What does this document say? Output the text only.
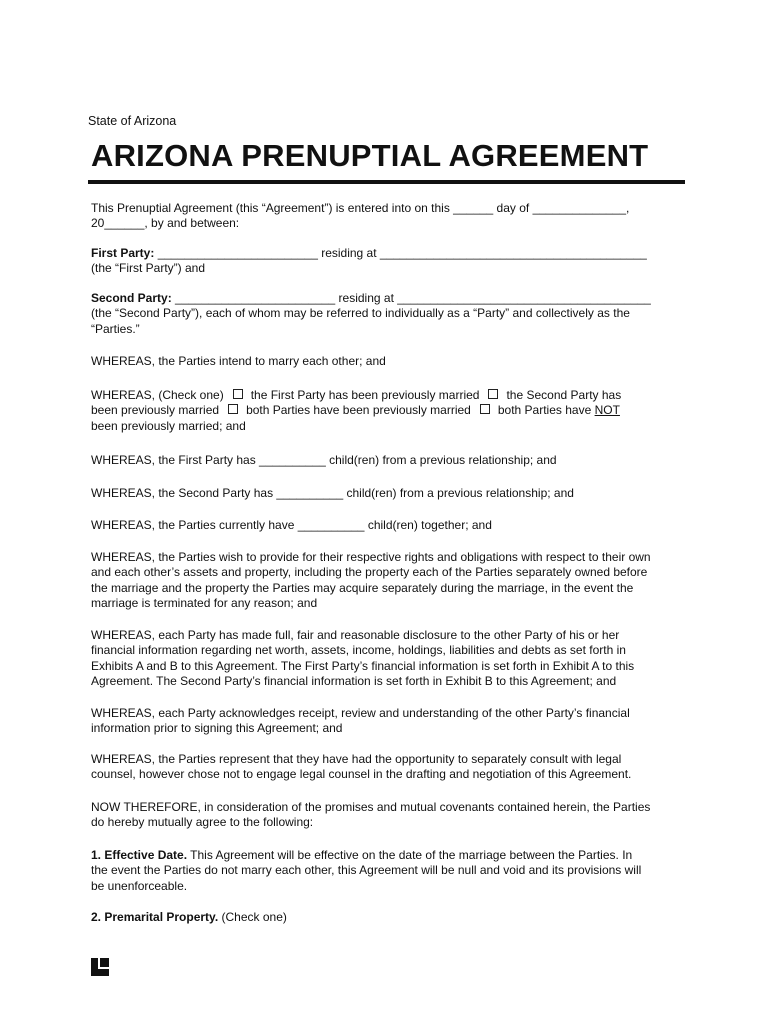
State of Arizona
ARIZONA PRENUPTIAL AGREEMENT
This Prenuptial Agreement (this “Agreement”) is entered into on this ______ day of ______________,
20______, by and between:
First Party: ________________________ residing at ________________________________________
(the “First Party”) and
Second Party: ________________________ residing at ______________________________________
(the “Second Party”), each of whom may be referred to individually as a “Party” and collectively as the
“Parties.”
WHEREAS, the Parties intend to marry each other; and
WHEREAS, (Check one) the First Party has been previously married the Second Party has
been previously married both Parties have been previously married both Parties have NOT
been previously married; and
WHEREAS, the First Party has __________ child(ren) from a previous relationship; and
WHEREAS, the Second Party has __________ child(ren) from a previous relationship; and
WHEREAS, the Parties currently have __________ child(ren) together; and
WHEREAS, the Parties wish to provide for their respective rights and obligations with respect to their own
and each other’s assets and property, including the property each of the Parties separately owned before
the marriage and the property the Parties may acquire separately during the marriage, in the event the
marriage is terminated for any reason; and
WHEREAS, each Party has made full, fair and reasonable disclosure to the other Party of his or her
financial information regarding net worth, assets, income, holdings, liabilities and debts as set forth in
Exhibits A and B to this Agreement. The First Party’s financial information is set forth in Exhibit A to this
Agreement. The Second Party’s financial information is set forth in Exhibit B to this Agreement; and
WHEREAS, each Party acknowledges receipt, review and understanding of the other Party’s financial
information prior to signing this Agreement; and
WHEREAS, the Parties represent that they have had the opportunity to separately consult with legal
counsel, however chose not to engage legal counsel in the drafting and negotiation of this Agreement.
NOW THEREFORE, in consideration of the promises and mutual covenants contained herein, the Parties
do hereby mutually agree to the following:
1. Effective Date. This Agreement will be effective on the date of the marriage between the Parties. In
the event the Parties do not marry each other, this Agreement will be null and void and its provisions will
be unenforceable.
2. Premarital Property. (Check one)
